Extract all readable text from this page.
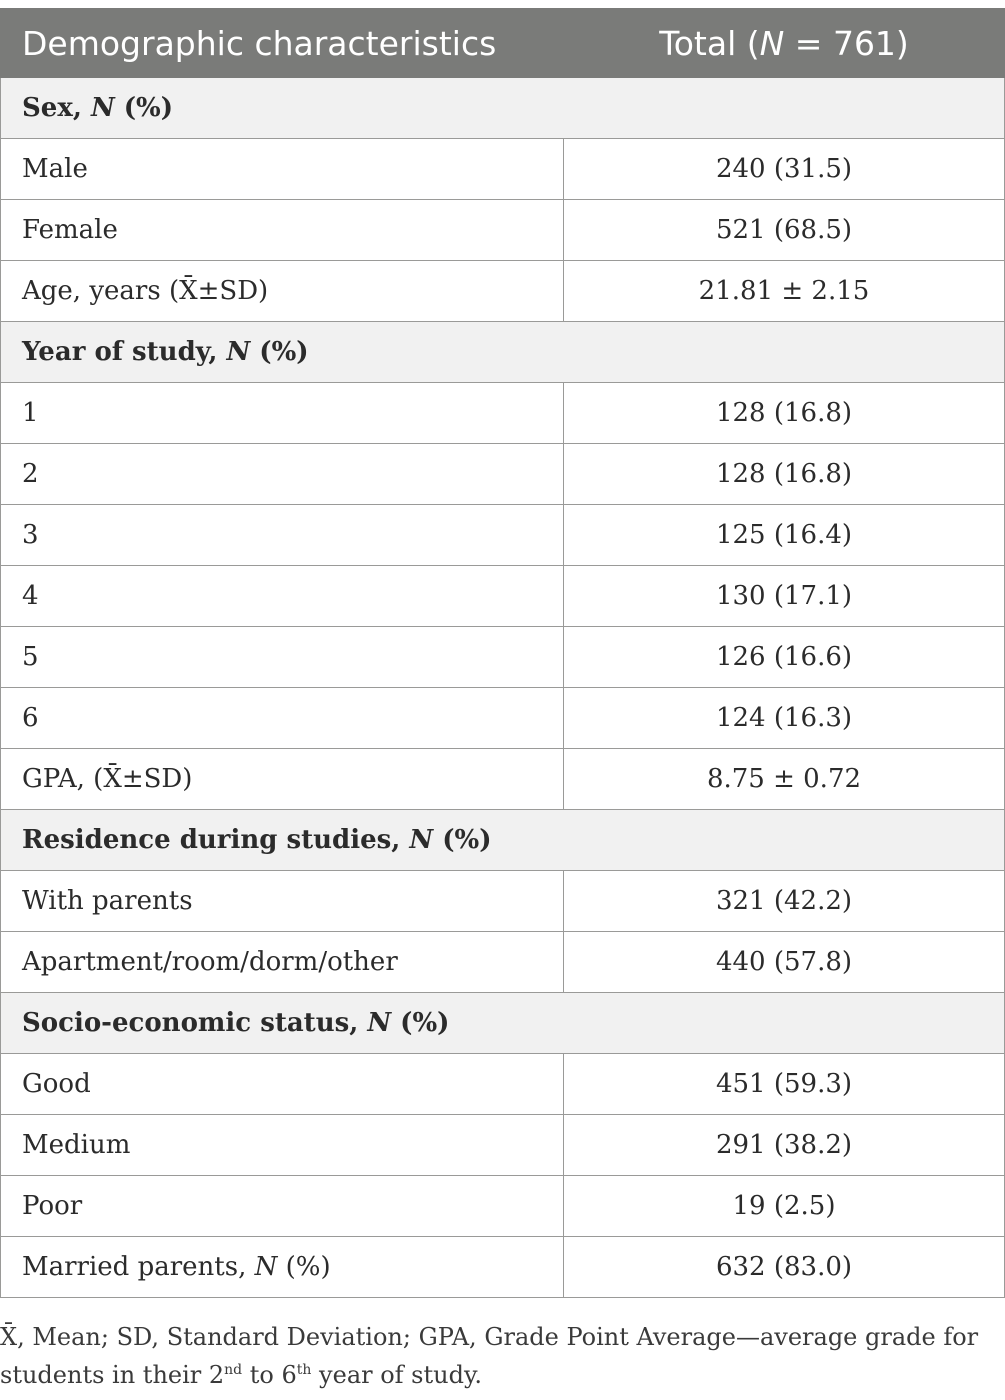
Demographic characteristics	Total (N = 761)
Sex, N (%)	
Male	240 (31.5)
Female	521 (68.5)
Age, years (X̄±SD)	21.81 ± 2.15
Year of study, N (%)	
1	128 (16.8)
2	128 (16.8)
3	125 (16.4)
4	130 (17.1)
5	126 (16.6)
6	124 (16.3)
GPA, (X̄±SD)	8.75 ± 0.72
Residence during studies, N (%)	
With parents	321 (42.2)
Apartment/room/dorm/other	440 (57.8)
Socio-economic status, N (%)	
Good	451 (59.3)
Medium	291 (38.2)
Poor	19 (2.5)
Married parents, N (%)	632 (83.0)
X̄, Mean; SD, Standard Deviation; GPA, Grade Point Average—average grade for students in their 2nd to 6th year of study.
